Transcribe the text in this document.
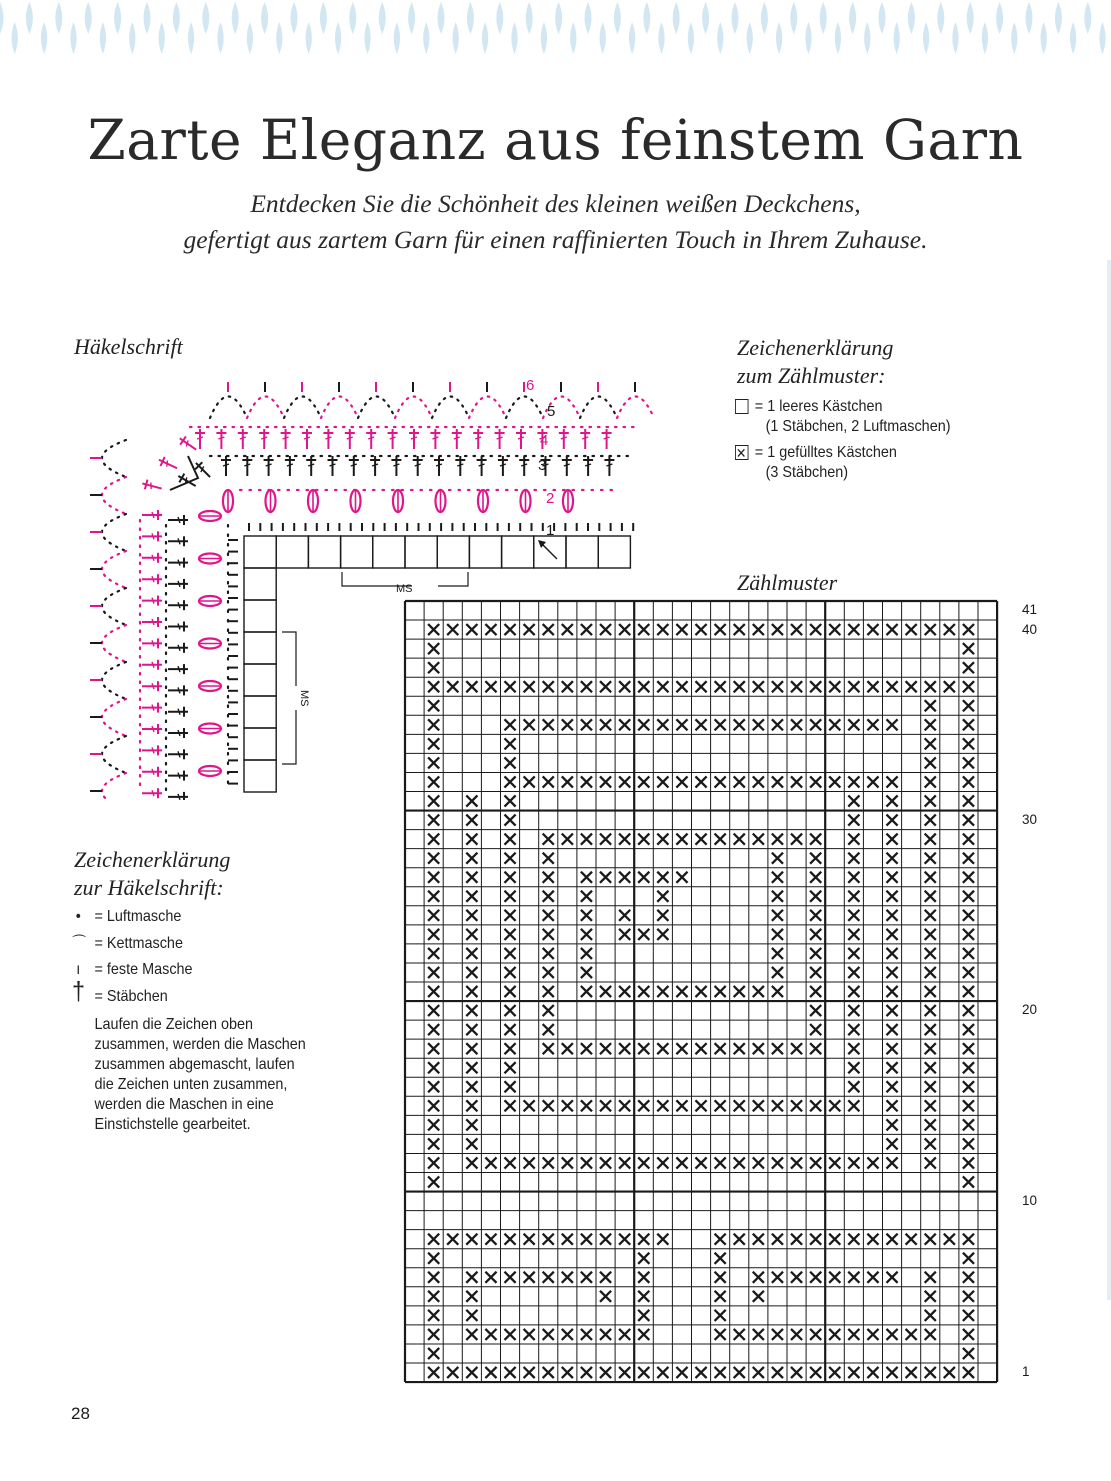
Zarte Eleganz aus feinstem Garn
Entdecken Sie die Schönheit des kleinen weißen Deckchens,
gefertigt aus zartem Garn für einen raffinierten Touch in Ihrem Zuhause.
Häkelschrift
MS
MS
1
2
3
4
5
6
Zeichenerklärung
zum Zählmuster:
= 1 leeres Kästchen
(1 Stäbchen, 2 Luftmaschen)
✕
= 1 gefülltes Kästchen
(3 Stäbchen)
Zählmuster
41
40
30
20
10
1
Zeichenerklärung
zur Häkelschrift:
• = Luftmasche
⌒ = Kettmasche
ı = feste Masche
† = Stäbchen
Laufen die Zeichen oben
zusammen, werden die Maschen
zusammen abgemascht, laufen
die Zeichen unten zusammen,
werden die Maschen in eine
Einstichstelle gearbeitet.
28
